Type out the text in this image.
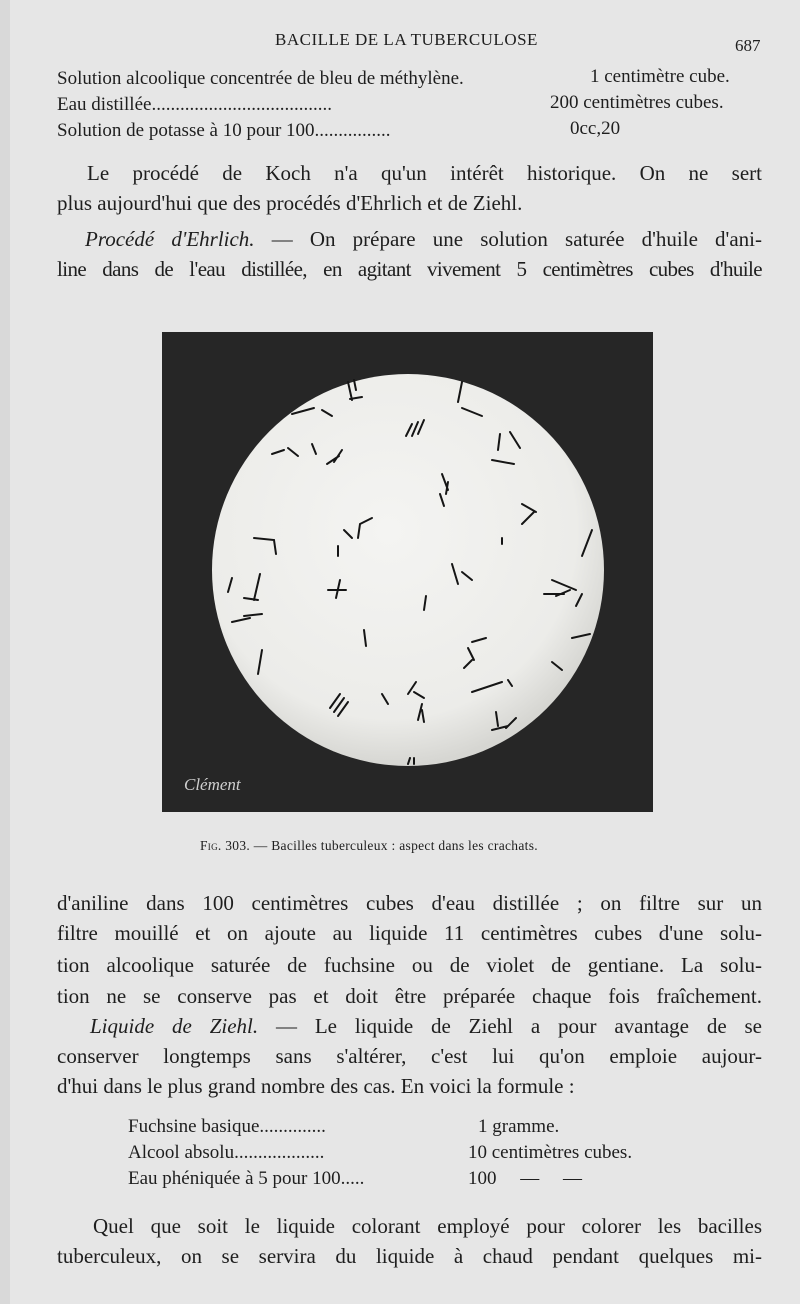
BACILLE DE LA TUBERCULOSE	687
Solution alcoolique concentrée de bleu de méthylène.	1 centimètre cube.
Eau distillée......................................	200 centimètres cubes.
Solution de potasse à 10 pour 100................	0cc,20
Le procédé de Koch n'a qu'un intérêt historique. On ne sert
plus aujourd'hui que des procédés d'Ehrlich et de Ziehl.
Procédé d'Ehrlich. — On prépare une solution saturée d'huile d'ani-
line dans de l'eau distillée, en agitant vivement 5 centimètres cubes d'huile
Clément
Fig. 303. — Bacilles tuberculeux : aspect dans les crachats.
d'aniline dans 100 centimètres cubes d'eau distillée ; on filtre sur un
filtre mouillé et on ajoute au liquide 11 centimètres cubes d'une solu-
tion alcoolique saturée de fuchsine ou de violet de gentiane. La solu-
tion ne se conserve pas et doit être préparée chaque fois fraîchement.
Liquide de Ziehl. — Le liquide de Ziehl a pour avantage de se
conserver longtemps sans s'altérer, c'est lui qu'on emploie aujour-
d'hui dans le plus grand nombre des cas. En voici la formule :
Fuchsine basique..............	1 gramme.
Alcool absolu...................	10 centimètres cubes.
Eau phéniquée à 5 pour 100.....	100     —     —
Quel que soit le liquide colorant employé pour colorer les bacilles
tuberculeux, on se servira du liquide à chaud pendant quelques mi-
